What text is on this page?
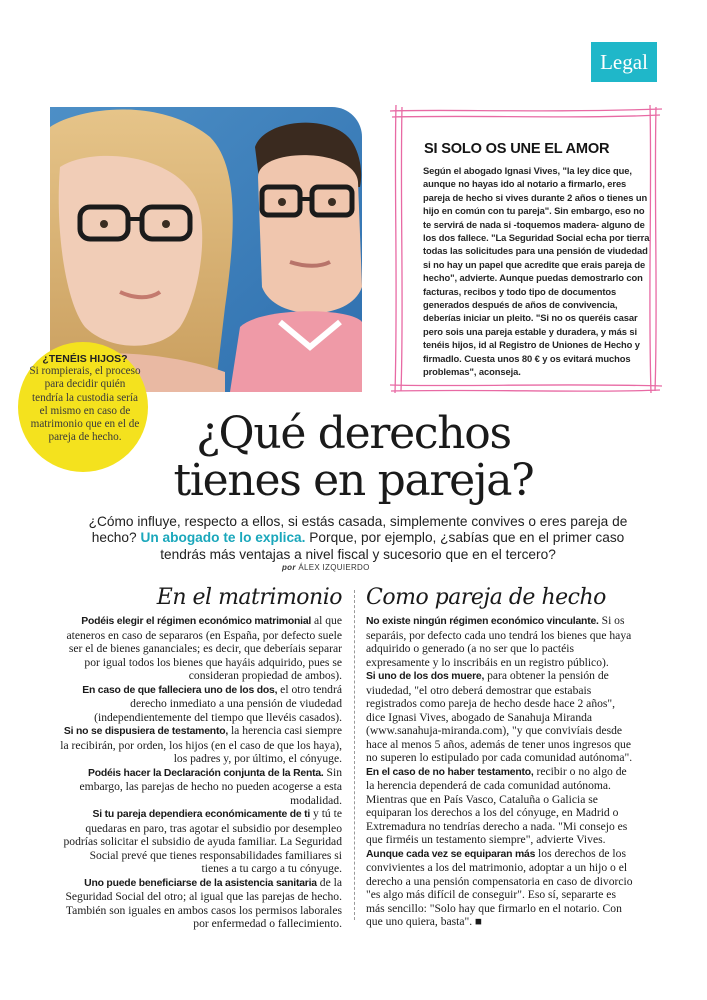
Legal
¿TENÉIS HIJOS?
Si rompierais, el proceso para decidir quién tendría la custodia sería el mismo en caso de matrimonio que en el de pareja de hecho.
SI SOLO OS UNE EL AMOR
Según el abogado Ignasi Vives, "la ley dice que, aunque no hayas ido al notario a firmarlo, eres pareja de hecho si vives durante 2 años o tienes un hijo en común con tu pareja". Sin embargo, eso no te servirá de nada si -toquemos madera- alguno de los dos fallece. "La Seguridad Social echa por tierra todas las solicitudes para una pensión de viudedad si no hay un papel que acredite que erais pareja de hecho", advierte. Aunque puedas demostrarlo con facturas, recibos y todo tipo de documentos generados después de años de convivencia, deberías iniciar un pleito. "Si no os queréis casar pero sois una pareja estable y duradera, y más si tenéis hijos, id al Registro de Uniones de Hecho y firmadlo. Cuesta unos 80 € y os evitará muchos problemas", aconseja.
¿Qué derechos
tienes en pareja?
¿Cómo influye, respecto a ellos, si estás casada, simplemente convives o eres pareja de hecho? Un abogado te lo explica. Porque, por ejemplo, ¿sabías que en el primer caso tendrás más ventajas a nivel fiscal y sucesorio que en el tercero?
por ÁLEX IZQUIERDO
En el matrimonio

Podéis elegir el régimen económico matrimonial al que ateneros en caso de separaros (en España, por defecto suele ser el de bienes gananciales; es decir, que deberíais separar por igual todos los bienes que hayáis adquirido, pues se consideran propiedad de ambos).

En caso de que falleciera uno de los dos, el otro tendrá derecho inmediato a una pensión de viudedad (independientemente del tiempo que llevéis casados).

Si no se dispusiera de testamento, la herencia casi siempre la recibirán, por orden, los hijos (en el caso de que los haya), los padres y, por último, el cónyuge.

Podéis hacer la Declaración conjunta de la Renta. Sin embargo, las parejas de hecho no pueden acogerse a esta modalidad.

Si tu pareja dependiera económicamente de ti y tú te quedaras en paro, tras agotar el subsidio por desempleo podrías solicitar el subsidio de ayuda familiar. La Seguridad Social prevé que tienes responsabilidades familiares si tienes a tu cargo a tu cónyuge.

Uno puede beneficiarse de la asistencia sanitaria de la Seguridad Social del otro; al igual que las parejas de hecho. También son iguales en ambos casos los permisos laborales por enfermedad o fallecimiento.

Como pareja de hecho

No existe ningún régimen económico vinculante. Si os separáis, por defecto cada uno tendrá los bienes que haya adquirido o generado (a no ser que lo pactéis expresamente y lo inscribáis en un registro público).

Si uno de los dos muere, para obtener la pensión de viudedad, "el otro deberá demostrar que estabais registrados como pareja de hecho desde hace 2 años", dice Ignasi Vives, abogado de Sanahuja Miranda (www.sanahuja-miranda.com), "y que convivíais desde hace al menos 5 años, además de tener unos ingresos que no superen lo estipulado por cada comunidad autónoma".

En el caso de no haber testamento, recibir o no algo de la herencia dependerá de cada comunidad autónoma. Mientras que en País Vasco, Cataluña o Galicia se equiparan los derechos a los del cónyuge, en Madrid o Extremadura no tendrías derecho a nada. "Mi consejo es que firméis un testamento siempre", advierte Vives.

Aunque cada vez se equiparan más los derechos de los convivientes a los del matrimonio, adoptar a un hijo o el derecho a una pensión compensatoria en caso de divorcio "es algo más difícil de conseguir". Eso sí, separarte es más sencillo: "Solo hay que firmarlo en el notario. Con que uno quiera, basta". ■
